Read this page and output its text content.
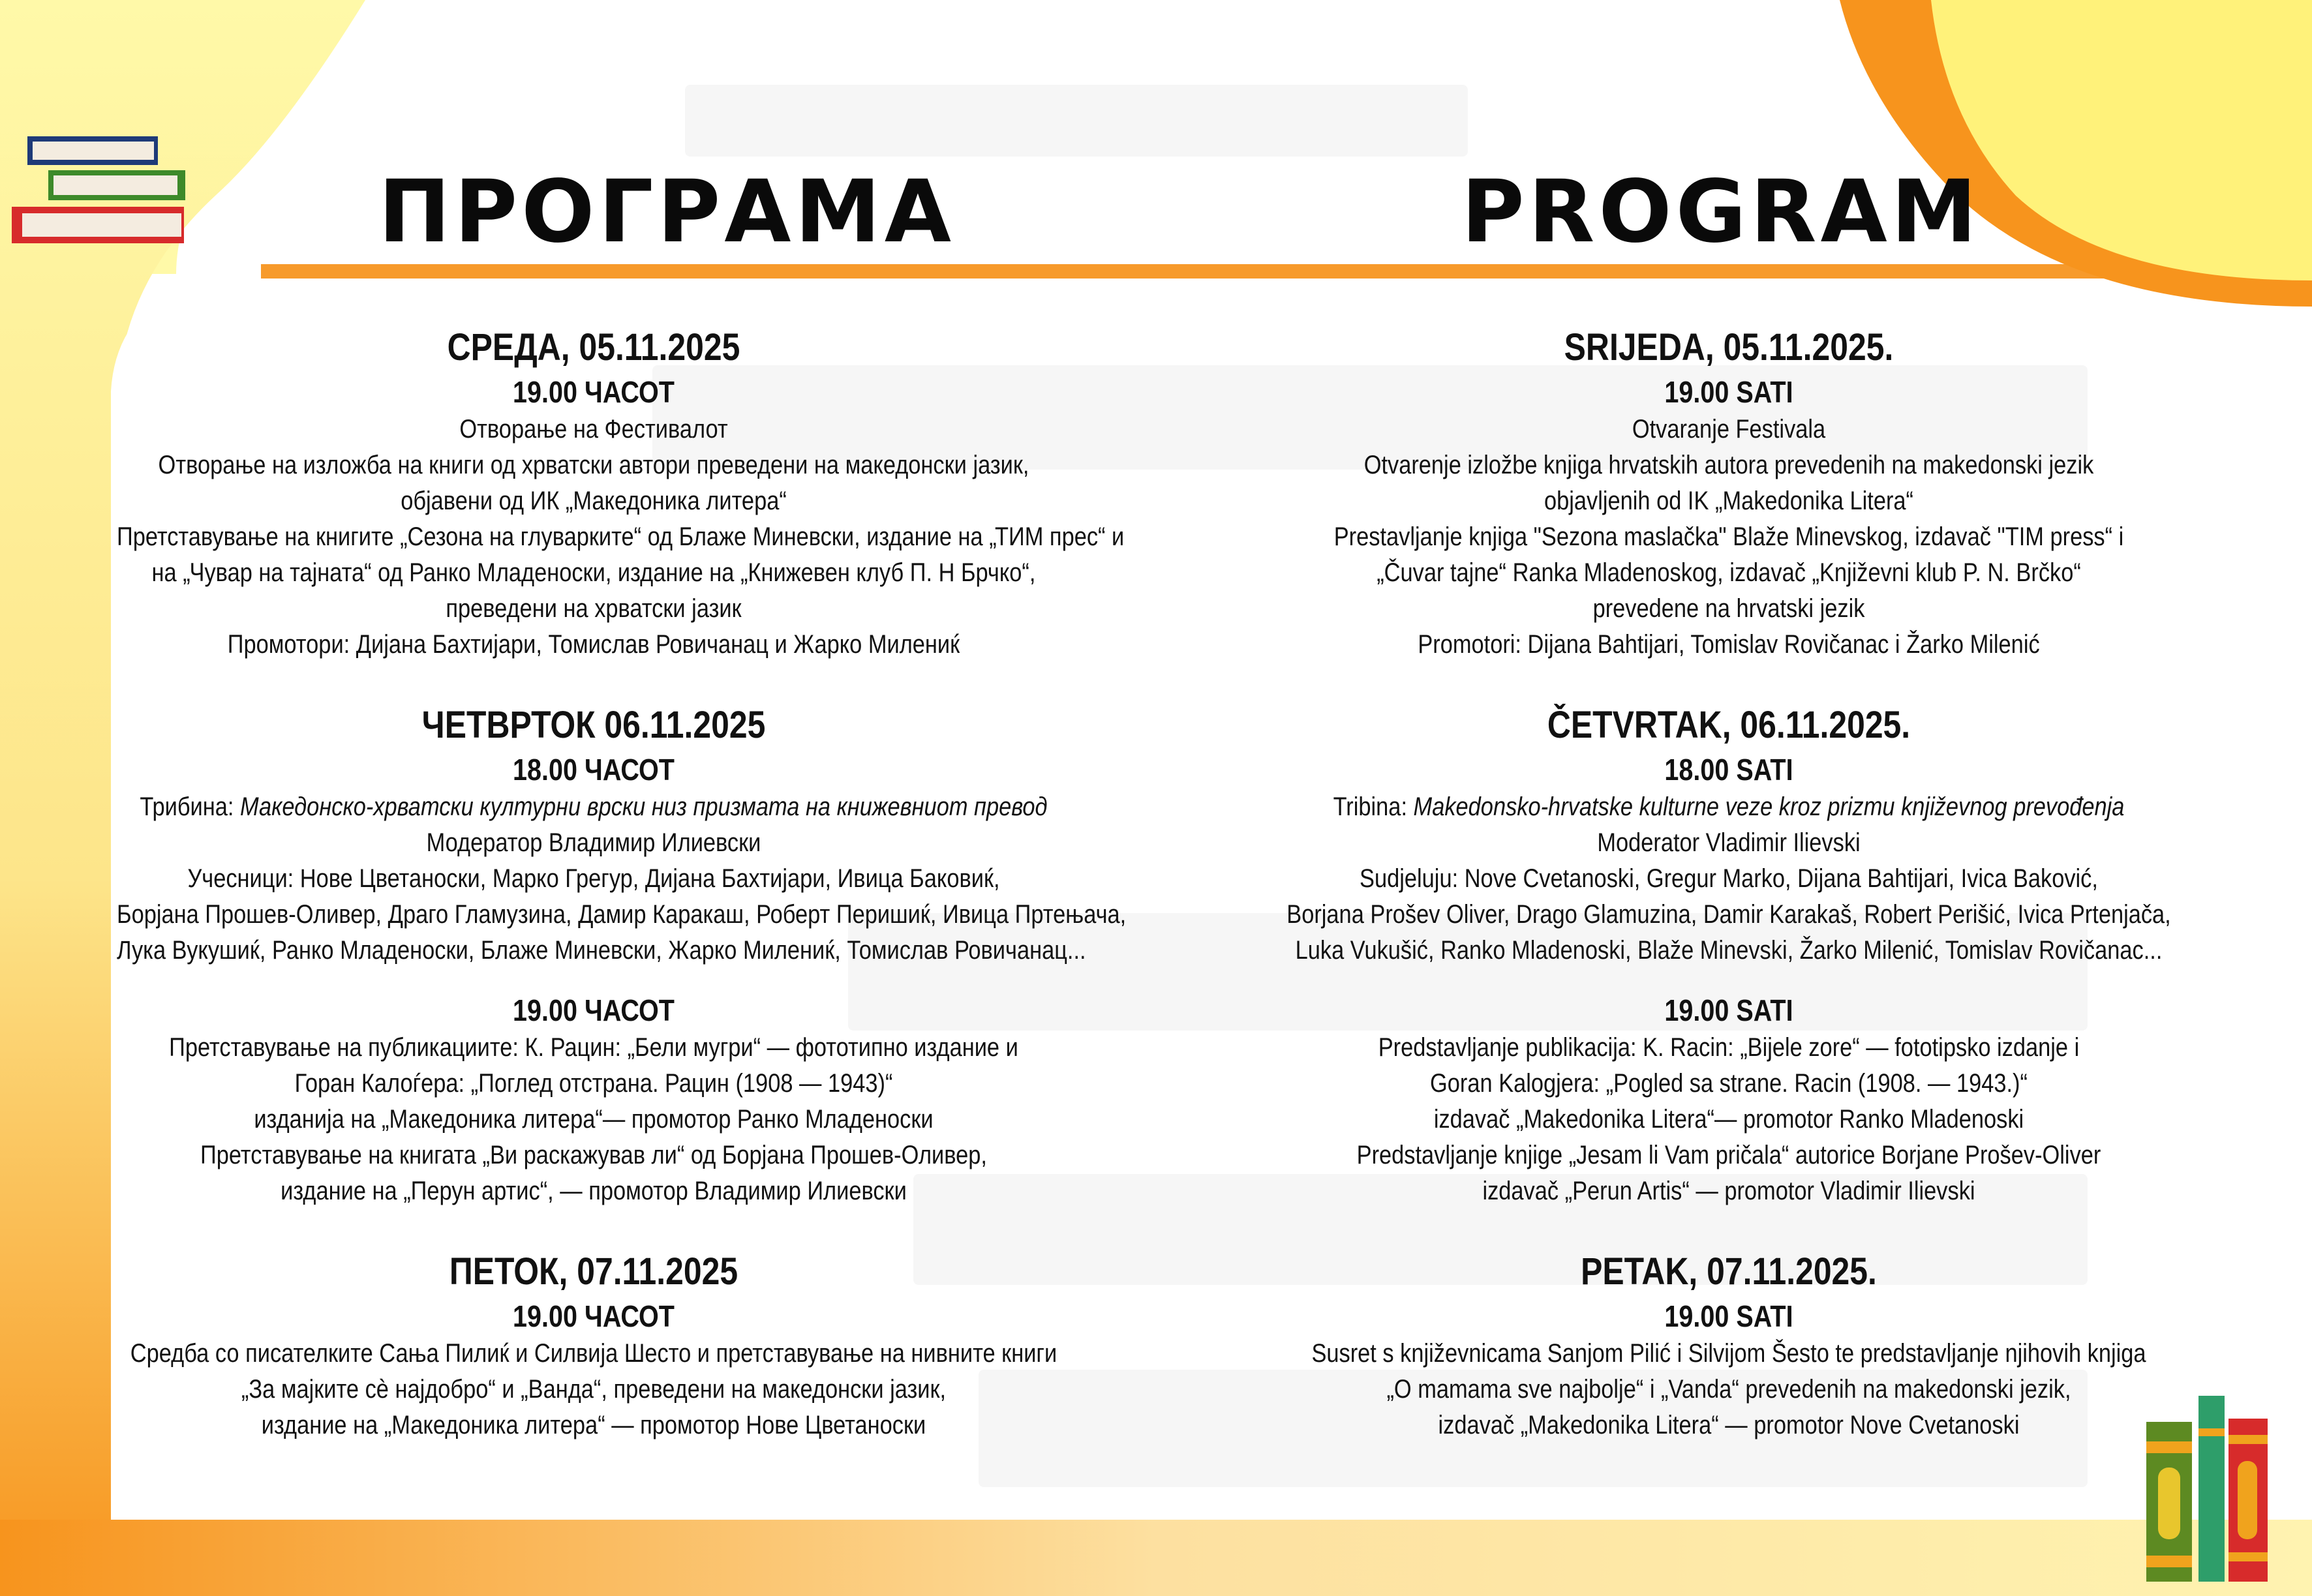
ПРОГРАМА	PROGRAM
СРЕДА, 05.11.2025
19.00 ЧАСОТ
Отворање на Фестивалот
Отворање на изложба на книги од хрватски автори преведени на македонски јазик,
објавени од ИК „Македоника литера“
Претставување на книгите „Сезона на глуварките“ од Блаже Миневски, издание на „ТИМ прес“ и
на „Чувар на тајната“ од Ранко Младеноски, издание на „Книжевен клуб П. Н Брчко“,
преведени на хрватски јазик
Промотори: Дијана Бахтијари, Томислав Ровичанац и Жарко Милениќ
ЧЕТВРТОК 06.11.2025
18.00 ЧАСОТ
Трибина: Македонско-хрватски културни врски низ призмата на книжевниот превод
Модератор Владимир Илиевски
Учесници: Нове Цветаноски, Марко Грегур, Дијана Бахтијари, Ивица Баковиќ,
Борјана Прошев-Оливер, Драго Гламузина, Дамир Каракаш, Роберт Перишиќ, Ивица Пртењача,
Лука Вукушиќ, Ранко Младеноски, Блаже Миневски, Жарко Милениќ, Томислав Ровичанац...
19.00 ЧАСОТ
Претставување на публикациите: К. Рацин: „Бели мугри“ — фототипно издание и
Горан Калоѓера: „Поглед отстрана. Рацин (1908 — 1943)“
изданија на „Македоника литера“— промотор Ранко Младеноски
Претставување на книгата „Ви раскажував ли“ од Борјана Прошев-Оливер,
издание на „Перун артис“, — промотор Владимир Илиевски
ПЕТОК, 07.11.2025
19.00 ЧАСОТ
Средба со писателките Сања Пилиќ и Силвија Шесто и претставување на нивните книги
„За мајките сè најдобро“ и „Ванда“, преведени на македонски јазик,
издание на „Македоника литера“ — промотор Нове Цветаноски
SRIJEDA, 05.11.2025.
19.00 SATI
Otvaranje Festivala
Otvarenje izložbe knjiga hrvatskih autora prevedenih na makedonski jezik
objavljenih od IK „Makedonika Litera“
Prestavljanje knjiga "Sezona maslačka" Blaže Minevskog, izdavač "TIM press“ i
„Čuvar tajne“ Ranka Mladenoskog, izdavač „Književni klub P. N. Brčko“
prevedene na hrvatski jezik
Promotori: Dijana Bahtijari, Tomislav Rovičanac i Žarko Milenić
ČETVRTAK, 06.11.2025.
18.00 SATI
Tribina: Makedonsko-hrvatske kulturne veze kroz prizmu književnog prevođenja
Moderator Vladimir Ilievski
Sudjeluju: Nove Cvetanoski, Gregur Marko, Dijana Bahtijari, Ivica Baković,
Borjana Prošev Oliver, Drago Glamuzina, Damir Karakaš, Robert Perišić, Ivica Prtenjača,
Luka Vukušić, Ranko Mladenoski, Blaže Minevski, Žarko Milenić, Tomislav Rovičanac...
19.00 SATI
Predstavljanje publikacija: K. Racin: „Bijele zore“ — fototipsko izdanje i
Goran Kalogjera: „Pogled sa strane. Racin (1908. — 1943.)“
izdavač „Makedonika Litera“— promotor Ranko Mladenoski
Predstavljanje knjige „Jesam li Vam pričala“ autorice Borjane Prošev-Oliver
izdavač „Perun Artis“ — promotor Vladimir Ilievski
PETAK, 07.11.2025.
19.00 SATI
Susret s književnicama Sanjom Pilić i Silvijom Šesto te predstavljanje njihovih knjiga
„O mamama sve najbolje“ i „Vanda“ prevedenih na makedonski jezik,
izdavač „Makedonika Litera“ — promotor Nove Cvetanoski
